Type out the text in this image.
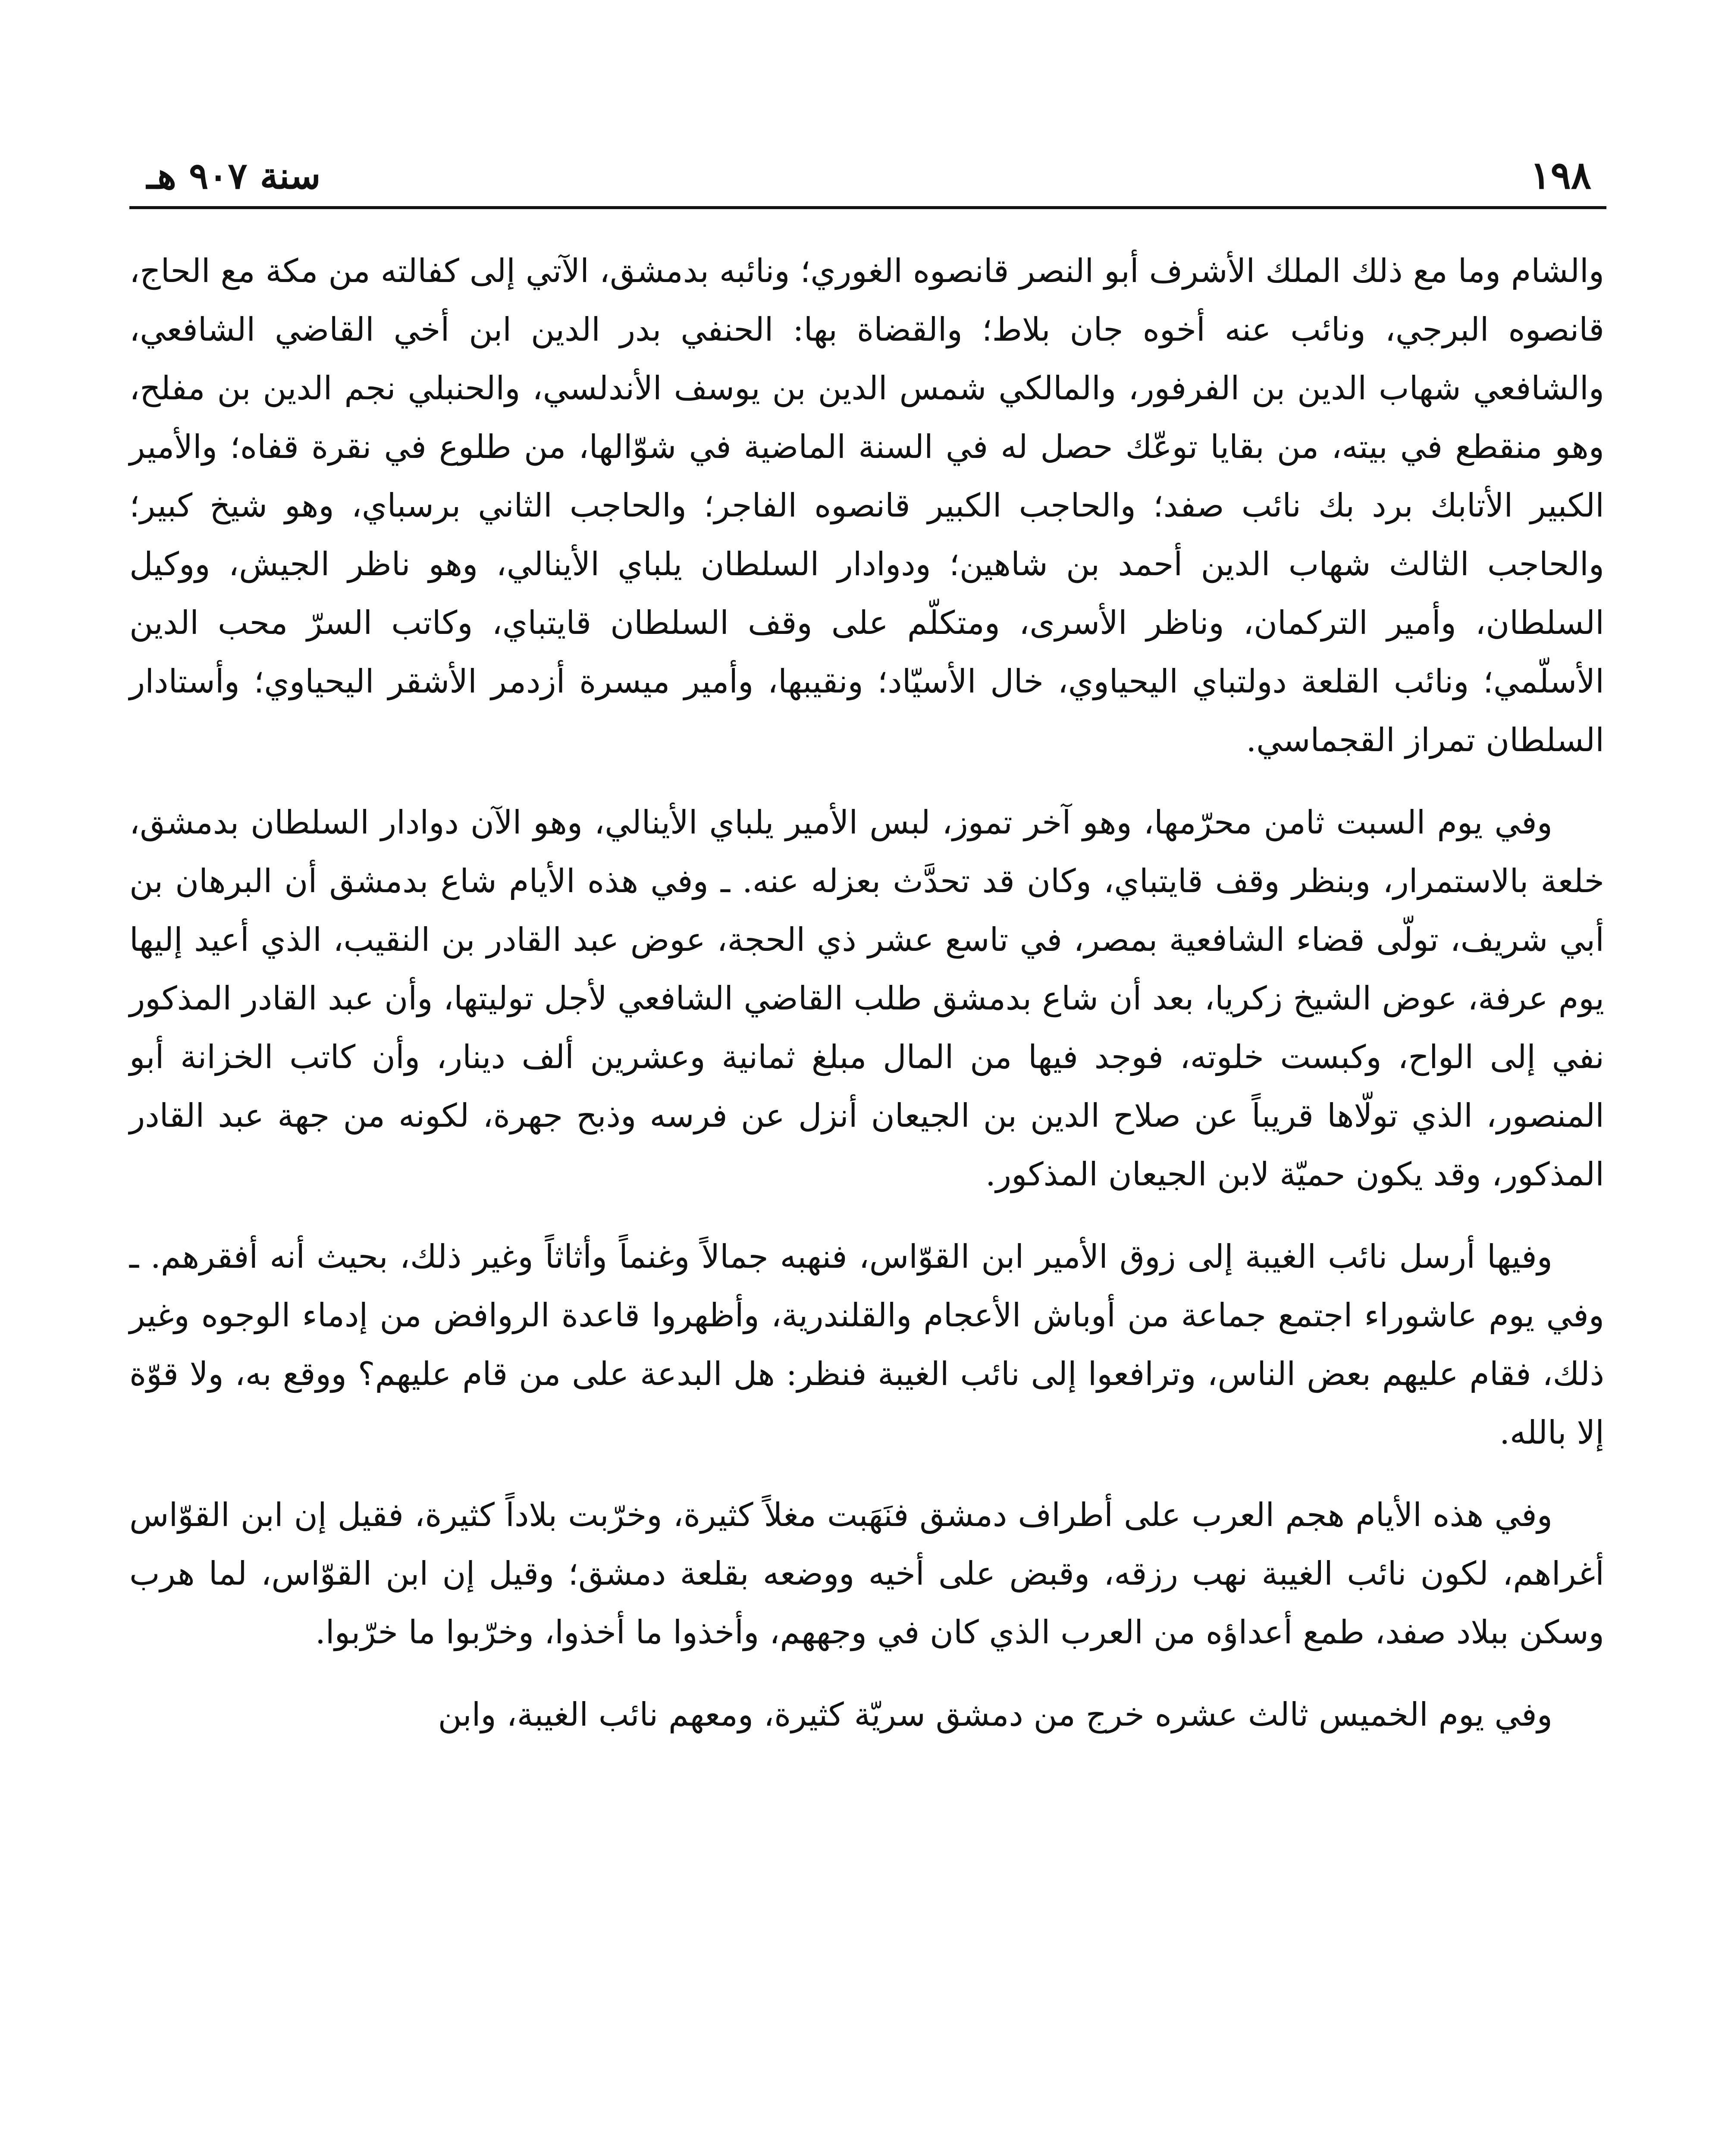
١٩٨
سنة ٩٠٧ هـ

والشام وما مع ذلك الملك الأشرف أبو النصر قانصوه الغوري؛ ونائبه بدمشق، الآتي إلى كفالته من مكة مع الحاج، قانصوه البرجي، ونائب عنه أخوه جان بلاط؛ والقضاة بها: الحنفي بدر الدين ابن أخي القاضي الشافعي، والشافعي شهاب الدين بن الفرفور، والمالكي شمس الدين بن يوسف الأندلسي، والحنبلي نجم الدين بن مفلح، وهو منقطع في بيته، من بقايا توعّك حصل له في السنة الماضية في شوّالها، من طلوع في نقرة قفاه؛ والأمير الكبير الأتابك برد بك نائب صفد؛ والحاجب الكبير قانصوه الفاجر؛ والحاجب الثاني برسباي، وهو شيخ كبير؛ والحاجب الثالث شهاب الدين أحمد بن شاهين؛ ودوادار السلطان يلباي الأينالي، وهو ناظر الجيش، ووكيل السلطان، وأمير التركمان، وناظر الأسرى، ومتكلّم على وقف السلطان قايتباي، وكاتب السرّ محب الدين الأسلّمي؛ ونائب القلعة دولتباي اليحياوي، خال الأسيّاد؛ ونقيبها، وأمير ميسرة أزدمر الأشقر اليحياوي؛ وأستادار السلطان تمراز القجماسي.

وفي يوم السبت ثامن محرّمها، وهو آخر تموز، لبس الأمير يلباي الأينالي، وهو الآن دوادار السلطان بدمشق، خلعة بالاستمرار، وبنظر وقف قايتباي، وكان قد تحدَّث بعزله عنه. ـ وفي هذه الأيام شاع بدمشق أن البرهان بن أبي شريف، تولّى قضاء الشافعية بمصر، في تاسع عشر ذي الحجة، عوض عبد القادر بن النقيب، الذي أعيد إليها يوم عرفة، عوض الشيخ زكريا، بعد أن شاع بدمشق طلب القاضي الشافعي لأجل توليتها، وأن عبد القادر المذكور نفي إلى الواح، وكبست خلوته، فوجد فيها من المال مبلغ ثمانية وعشرين ألف دينار، وأن كاتب الخزانة أبو المنصور، الذي تولّاها قريباً عن صلاح الدين بن الجيعان أنزل عن فرسه وذبح جهرة، لكونه من جهة عبد القادر المذكور، وقد يكون حميّة لابن الجيعان المذكور.

وفيها أرسل نائب الغيبة إلى زوق الأمير ابن القوّاس، فنهبه جمالاً وغنماً وأثاثاً وغير ذلك، بحيث أنه أفقرهم. ـ وفي يوم عاشوراء اجتمع جماعة من أوباش الأعجام والقلندرية، وأظهروا قاعدة الروافض من إدماء الوجوه وغير ذلك، فقام عليهم بعض الناس، وترافعوا إلى نائب الغيبة فنظر: هل البدعة على من قام عليهم؟ ووقع به، ولا قوّة إلا بالله.

وفي هذه الأيام هجم العرب على أطراف دمشق فنَهَبت مغلاً كثيرة، وخرّبت بلاداً كثيرة، فقيل إن ابن القوّاس أغراهم، لكون نائب الغيبة نهب رزقه، وقبض على أخيه ووضعه بقلعة دمشق؛ وقيل إن ابن القوّاس، لما هرب وسكن ببلاد صفد، طمع أعداؤه من العرب الذي كان في وجههم، وأخذوا ما أخذوا، وخرّبوا ما خرّبوا.

وفي يوم الخميس ثالث عشره خرج من دمشق سريّة كثيرة، ومعهم نائب الغيبة، وابن
